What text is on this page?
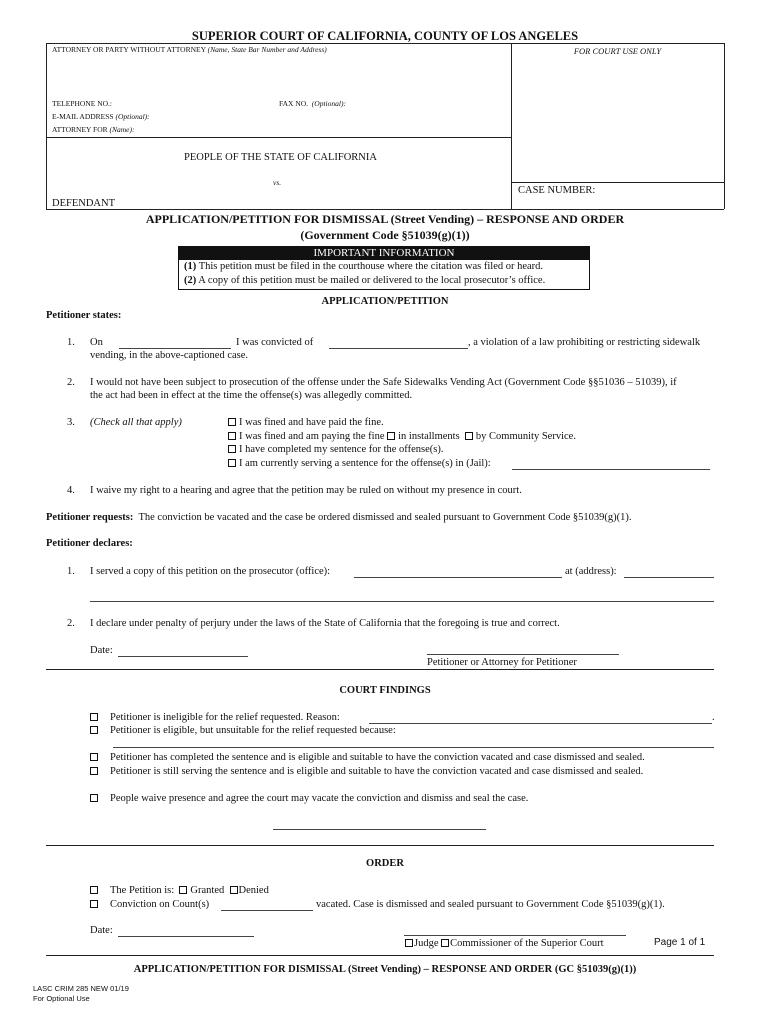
SUPERIOR COURT OF CALIFORNIA, COUNTY OF LOS ANGELES
ATTORNEY OR PARTY WITHOUT ATTORNEY (Name, State Bar Number and Address)	FOR COURT USE ONLY
TELEPHONE NO.:	FAX NO. (Optional):
E-MAIL ADDRESS (Optional):
ATTORNEY FOR (Name):
PEOPLE OF THE STATE OF CALIFORNIA
vs.
DEFENDANT
CASE NUMBER:
APPLICATION/PETITION FOR DISMISSAL (Street Vending) – RESPONSE AND ORDER
(Government Code §51039(g)(1))
IMPORTANT INFORMATION
(1) This petition must be filed in the courthouse where the citation was filed or heard.
(2) A copy of this petition must be mailed or delivered to the local prosecutor’s office.
APPLICATION/PETITION
Petitioner states:
1. On	I was convicted of	, a violation of a law prohibiting or restricting sidewalk
vending, in the above-captioned case.
2. I would not have been subject to prosecution of the offense under the Safe Sidewalks Vending Act (Government Code §§51036 – 51039), if
the act had been in effect at the time the offense(s) was allegedly committed.
3. (Check all that apply)	I was fined and have paid the fine.
I was fined and am paying the fine in installments by Community Service.
I have completed my sentence for the offense(s).
I am currently serving a sentence for the offense(s) in (Jail):
4. I waive my right to a hearing and agree that the petition may be ruled on without my presence in court.
Petitioner requests: The conviction be vacated and the case be ordered dismissed and sealed pursuant to Government Code §51039(g)(1).
Petitioner declares:
1. I served a copy of this petition on the prosecutor (office):	at (address):
2. I declare under penalty of perjury under the laws of the State of California that the foregoing is true and correct.
Date:
Petitioner or Attorney for Petitioner
COURT FINDINGS
Petitioner is ineligible for the relief requested. Reason:	.
Petitioner is eligible, but unsuitable for the relief requested because:
Petitioner has completed the sentence and is eligible and suitable to have the conviction vacated and case dismissed and sealed.
Petitioner is still serving the sentence and is eligible and suitable to have the conviction vacated and case dismissed and sealed.
People waive presence and agree the court may vacate the conviction and dismiss and seal the case.
ORDER
The Petition is: Granted Denied
Conviction on Count(s)	vacated. Case is dismissed and sealed pursuant to Government Code §51039(g)(1).
Date:
Judge Commissioner of the Superior Court	Page 1 of 1
APPLICATION/PETITION FOR DISMISSAL (Street Vending) – RESPONSE AND ORDER (GC §51039(g)(1))
LASC CRIM 285 NEW 01/19
For Optional Use
